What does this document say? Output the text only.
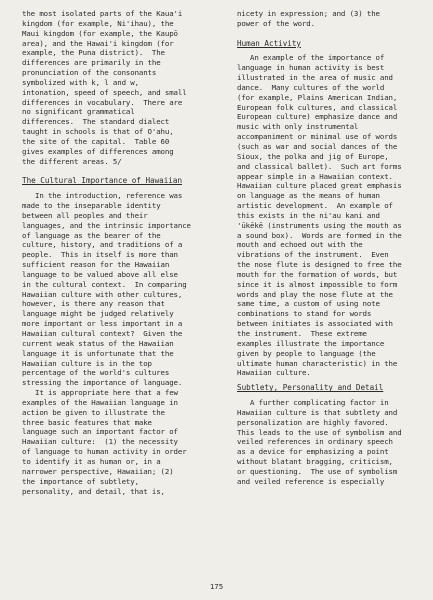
the most isolated parts of the Kaua'i
kingdom (for example, Ni'ihau), the
Maui kingdom (for example, the Kaupō
area), and the Hawai'i kingdom (for
example, the Puna district).  The
differences are primarily in the
pronunciation of the consonants
symbolized with k, l and w,
intonation, speed of speech, and small
differences in vocabulary.  There are
no significant grammatical
differences.  The standard dialect
taught in schools is that of O'ahu,
the site of the capital.  Table 60
gives examples of differences among
the different areas. 5/
The Cultural Importance of Hawaiian
In the introduction, reference was
made to the inseparable identity
between all peoples and their
languages, and the intrinsic importance
of language as the bearer of the
culture, history, and traditions of a
people.  This in itself is more than
sufficient reason for the Hawaiian
language to be valued above all else
in the cultural context.  In comparing
Hawaiian culture with other cultures,
however, is there any reason that
language might be judged relatively
more important or less important in a
Hawaiian cultural context?  Given the
current weak status of the Hawaiian
language it is unfortunate that the
Hawaiian culture is in the top
percentage of the world's cultures
stressing the importance of language.
It is appropriate here that a few
examples of the Hawaiian language in
action be given to illustrate the
three basic features that make
language such an important factor of
Hawaiian culture:  (1) the necessity
of language to human activity in order
to identify it as human or, in a
narrower perspective, Hawaiian; (2)
the importance of subtlety,
personality, and detail, that is,
nicety in expression; and (3) the
power of the word.
Human Activity
An example of the importance of
language in human activity is best
illustrated in the area of music and
dance.  Many cultures of the world
(for example, Plains American Indian,
European folk cultures, and classical
European culture) emphasize dance and
music with only instrumental
accompaniment or minimal use of words
(such as war and social dances of the
Sioux, the polka and jig of Europe,
and classical ballet).  Such art forms
appear simple in a Hawaiian context.
Hawaiian culture placed great emphasis
on language as the means of human
artistic development.  An example of
this exists in the ni'au kani and
'ūkēkē (instruments using the mouth as
a sound box).  Words are formed in the
mouth and echoed out with the
vibrations of the instrument.  Even
the nose flute is designed to free the
mouth for the formation of words, but
since it is almost impossible to form
words and play the nose flute at the
same time, a custom of using note
combinations to stand for words
between initiates is associated with
the instrument.  These extreme
examples illustrate the importance
given by people to language (the
ultimate human characteristic) in the
Hawaiian culture.
Subtlety, Personality and Detail
A further complicating factor in
Hawaiian culture is that subtlety and
personalization are highly favored.
This leads to the use of symbolism and
veiled references in ordinary speech
as a device for emphasizing a point
without blatant bragging, criticism,
or questioning.  The use of symbolism
and veiled reference is especially
175
